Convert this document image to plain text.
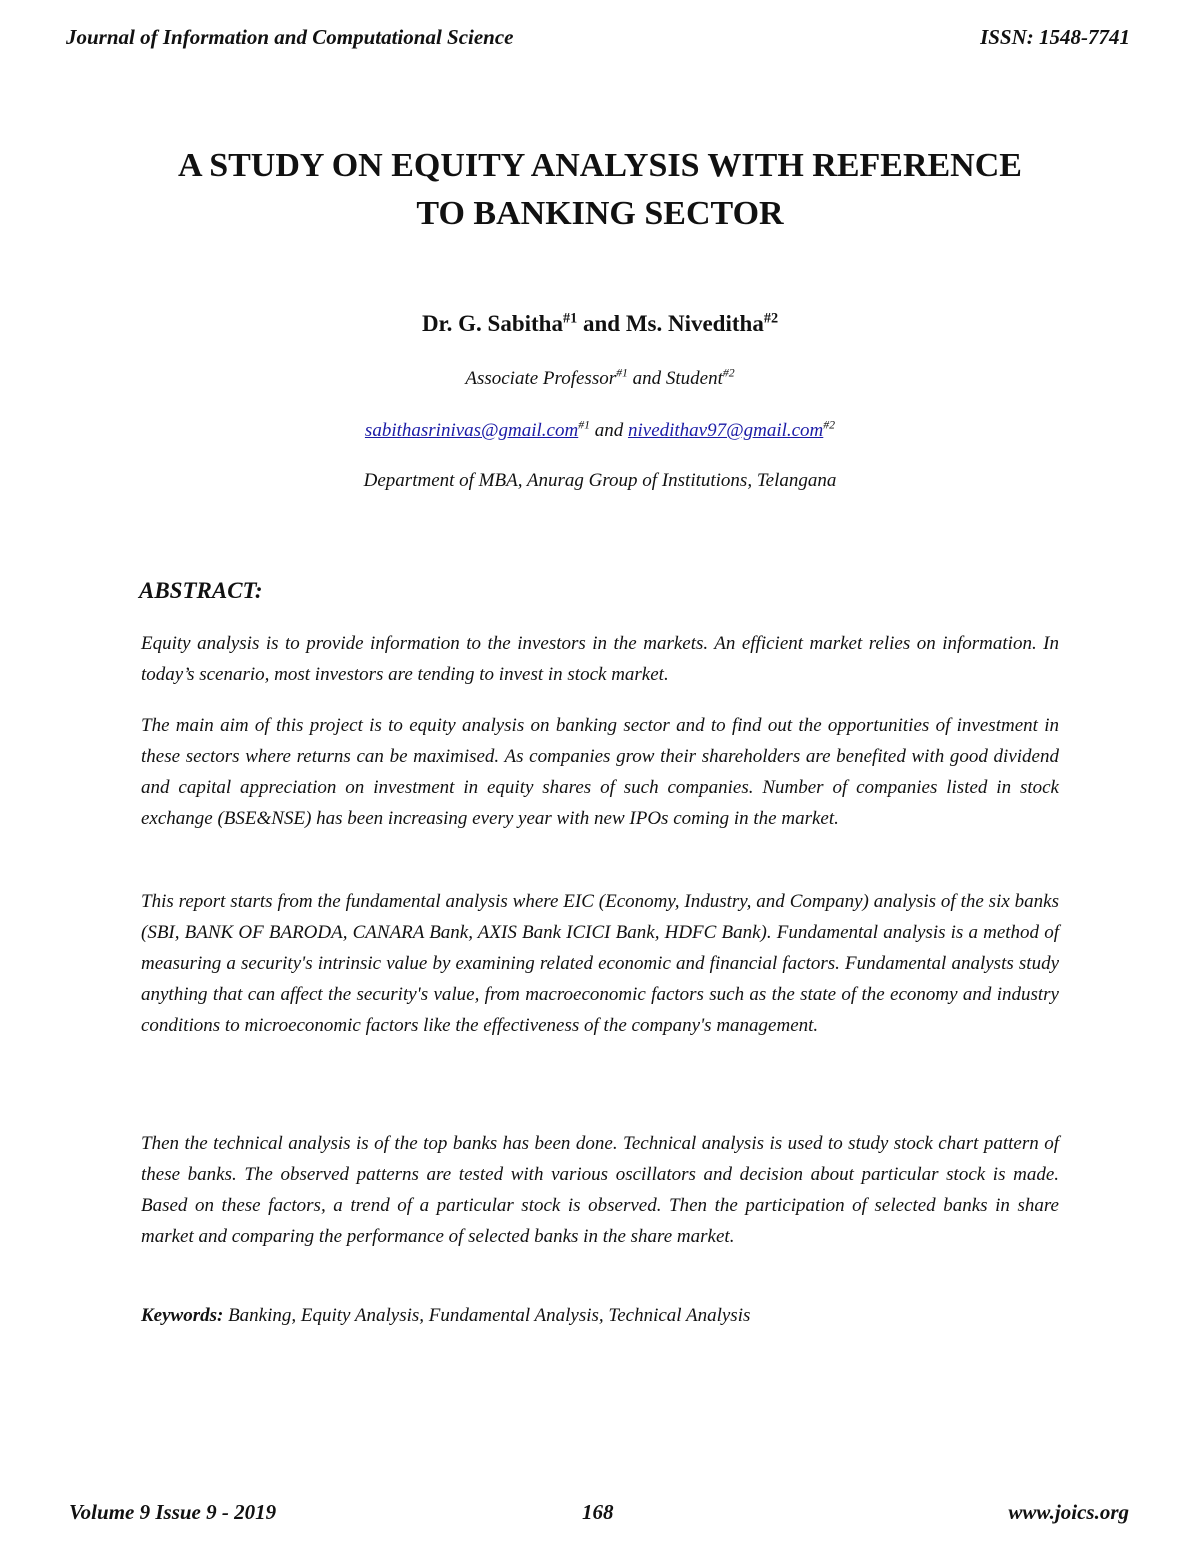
Journal of Information and Computational Science	ISSN: 1548-7741
A STUDY ON EQUITY ANALYSIS WITH REFERENCE
TO BANKING SECTOR
Dr. G. Sabitha$^{\#1}$ and Ms. Niveditha$^{\#2}$
Associate Professor$^{\#1}$ and Student$^{\#2}$
sabithasrinivas@gmail.com$^{\#1}$ and nivedithav97@gmail.com$^{\#2}$
Department of MBA, Anurag Group of Institutions, Telangana
ABSTRACT:

Equity analysis is to provide information to the investors in the markets. An efficient market relies on information. In today’s scenario, most investors are tending to invest in stock market.

The main aim of this project is to equity analysis on banking sector and to find out the opportunities of investment in these sectors where returns can be maximised. As companies grow their shareholders are benefited with good dividend and capital appreciation on investment in equity shares of such companies. Number of companies listed in stock exchange (BSE&NSE) has been increasing every year with new IPOs coming in the market.

This report starts from the fundamental analysis where EIC (Economy, Industry, and Company) analysis of the six banks (SBI, BANK OF BARODA, CANARA Bank, AXIS Bank ICICI Bank, HDFC Bank). Fundamental analysis is a method of measuring a security's intrinsic value by examining related economic and financial factors. Fundamental analysts study anything that can affect the security's value, from macroeconomic factors such as the state of the economy and industry conditions to microeconomic factors like the effectiveness of the company's management.

Then the technical analysis is of the top banks has been done. Technical analysis is used to study stock chart pattern of these banks. The observed patterns are tested with various oscillators and decision about particular stock is made. Based on these factors, a trend of a particular stock is observed. Then the participation of selected banks in share market and comparing the performance of selected banks in the share market.

Keywords: Banking, Equity Analysis, Fundamental Analysis, Technical Analysis
Volume 9 Issue 9 - 2019	168	www.joics.org
